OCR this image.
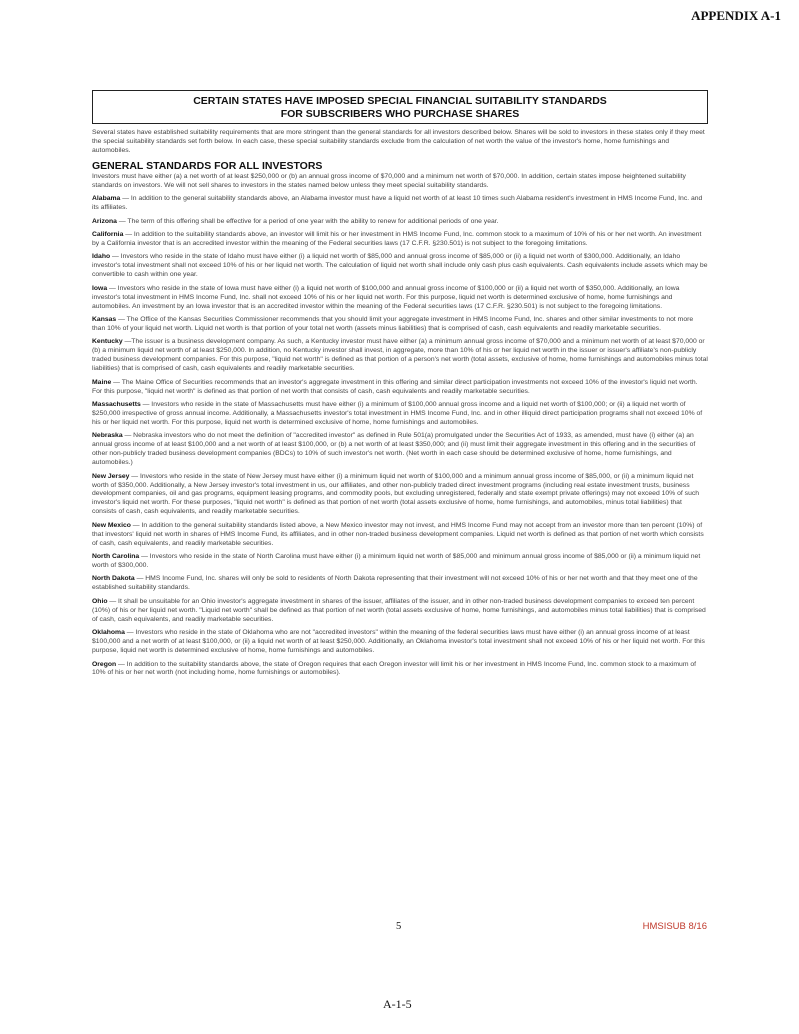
APPENDIX A-1
CERTAIN STATES HAVE IMPOSED SPECIAL FINANCIAL SUITABILITY STANDARDS
FOR SUBSCRIBERS WHO PURCHASE SHARES

Several states have established suitability requirements that are more stringent than the general standards for all investors described below. Shares will be sold to investors in these states only if they meet the special suitability standards set forth below. In each case, these special suitability standards exclude from the calculation of net worth the value of the investor's home, home furnishings and automobiles.

GENERAL STANDARDS FOR ALL INVESTORS

Investors must have either (a) a net worth of at least $250,000 or (b) an annual gross income of $70,000 and a minimum net worth of $70,000. In addition, certain states impose heightened suitability standards on investors. We will not sell shares to investors in the states named below unless they meet special suitability standards.

Alabama — In addition to the general suitability standards above, an Alabama investor must have a liquid net worth of at least 10 times such Alabama resident's investment in HMS Income Fund, Inc. and its affiliates.

Arizona — The term of this offering shall be effective for a period of one year with the ability to renew for additional periods of one year.

California — In addition to the suitability standards above, an investor will limit his or her investment in HMS Income Fund, Inc. common stock to a maximum of 10% of his or her net worth. An investment by a California investor that is an accredited investor within the meaning of the Federal securities laws (17 C.F.R. §230.501) is not subject to the foregoing limitations.

Idaho — Investors who reside in the state of Idaho must have either (i) a liquid net worth of $85,000 and annual gross income of $85,000 or (ii) a liquid net worth of $300,000. Additionally, an Idaho investor's total investment shall not exceed 10% of his or her liquid net worth. The calculation of liquid net worth shall include only cash plus cash equivalents. Cash equivalents include assets which may be convertible to cash within one year.

Iowa — Investors who reside in the state of Iowa must have either (i) a liquid net worth of $100,000 and annual gross income of $100,000 or (ii) a liquid net worth of $350,000. Additionally, an Iowa investor's total investment in HMS Income Fund, Inc. shall not exceed 10% of his or her liquid net worth. For this purpose, liquid net worth is determined exclusive of home, home furnishings and automobiles. An investment by an Iowa investor that is an accredited investor within the meaning of the Federal securities laws (17 C.F.R. §230.501) is not subject to the foregoing limitations.

Kansas — The Office of the Kansas Securities Commissioner recommends that you should limit your aggregate investment in HMS Income Fund, Inc. shares and other similar investments to not more than 10% of your liquid net worth. Liquid net worth is that portion of your total net worth (assets minus liabilities) that is comprised of cash, cash equivalents and readily marketable securities.

Kentucky —The issuer is a business development company. As such, a Kentucky investor must have either (a) a minimum annual gross income of $70,000 and a minimum net worth of at least $70,000 or (b) a minimum liquid net worth of at least $250,000. In addition, no Kentucky investor shall invest, in aggregate, more than 10% of his or her liquid net worth in the issuer or issuer's affiliate's non-publicly traded business development companies. For this purpose, "liquid net worth" is defined as that portion of a person's net worth (total assets, exclusive of home, home furnishings and automobiles minus total liabilities) that is comprised of cash, cash equivalents and readily marketable securities.

Maine — The Maine Office of Securities recommends that an investor's aggregate investment in this offering and similar direct participation investments not exceed 10% of the investor's liquid net worth. For this purpose, "liquid net worth" is defined as that portion of net worth that consists of cash, cash equivalents and readily marketable securities.

Massachusetts — Investors who reside in the state of Massachusetts must have either (i) a minimum of $100,000 annual gross income and a liquid net worth of $100,000; or (ii) a liquid net worth of $250,000 irrespective of gross annual income. Additionally, a Massachusetts investor's total investment in HMS Income Fund, Inc. and in other illiquid direct participation programs shall not exceed 10% of his or her liquid net worth. For this purpose, liquid net worth is determined exclusive of home, home furnishings and automobiles.

Nebraska — Nebraska investors who do not meet the definition of "accredited investor" as defined in Rule 501(a) promulgated under the Securities Act of 1933, as amended, must have (i) either (a) an annual gross income of at least $100,000 and a net worth of at least $100,000, or (b) a net worth of at least $350,000; and (ii) must limit their aggregate investment in this offering and in the securities of other non-publicly traded business development companies (BDCs) to 10% of such investor's net worth. (Net worth in each case should be determined exclusive of home, home furnishings, and automobiles.)

New Jersey — Investors who reside in the state of New Jersey must have either (i) a minimum liquid net worth of $100,000 and a minimum annual gross income of $85,000, or (ii) a minimum liquid net worth of $350,000. Additionally, a New Jersey investor's total investment in us, our affiliates, and other non-publicly traded direct investment programs (including real estate investment trusts, business development companies, oil and gas programs, equipment leasing programs, and commodity pools, but excluding unregistered, federally and state exempt private offerings) may not exceed 10% of such investor's liquid net worth. For these purposes, "liquid net worth" is defined as that portion of net worth (total assets exclusive of home, home furnishings, and automobiles, minus total liabilities) that consists of cash, cash equivalents, and readily marketable securities.

New Mexico — In addition to the general suitability standards listed above, a New Mexico investor may not invest, and HMS Income Fund may not accept from an investor more than ten percent (10%) of that investors' liquid net worth in shares of HMS Income Fund, its affiliates, and in other non-traded business development companies. Liquid net worth is defined as that portion of net worth which consists of cash, cash equivalents, and readily marketable securities.

North Carolina — Investors who reside in the state of North Carolina must have either (i) a minimum liquid net worth of $85,000 and minimum annual gross income of $85,000 or (ii) a minimum liquid net worth of $300,000.

North Dakota — HMS Income Fund, Inc. shares will only be sold to residents of North Dakota representing that their investment will not exceed 10% of his or her net worth and that they meet one of the established suitability standards.

Ohio — It shall be unsuitable for an Ohio investor's aggregate investment in shares of the issuer, affiliates of the issuer, and in other non-traded business development companies to exceed ten percent (10%) of his or her liquid net worth. "Liquid net worth" shall be defined as that portion of net worth (total assets exclusive of home, home furnishings, and automobiles minus total liabilities) that is comprised of cash, cash equivalents, and readily marketable securities.

Oklahoma — Investors who reside in the state of Oklahoma who are not "accredited investors" within the meaning of the federal securities laws must have either (i) an annual gross income of at least $100,000 and a net worth of at least $100,000, or (ii) a liquid net worth of at least $250,000. Additionally, an Oklahoma investor's total investment shall not exceed 10% of his or her liquid net worth. For this purpose, liquid net worth is determined exclusive of home, home furnishings and automobiles.

Oregon — In addition to the suitability standards above, the state of Oregon requires that each Oregon investor will limit his or her investment in HMS Income Fund, Inc. common stock to a maximum of 10% of his or her net worth (not including home, home furnishings or automobiles).

5	HMSISUB 8/16
A-1-5
